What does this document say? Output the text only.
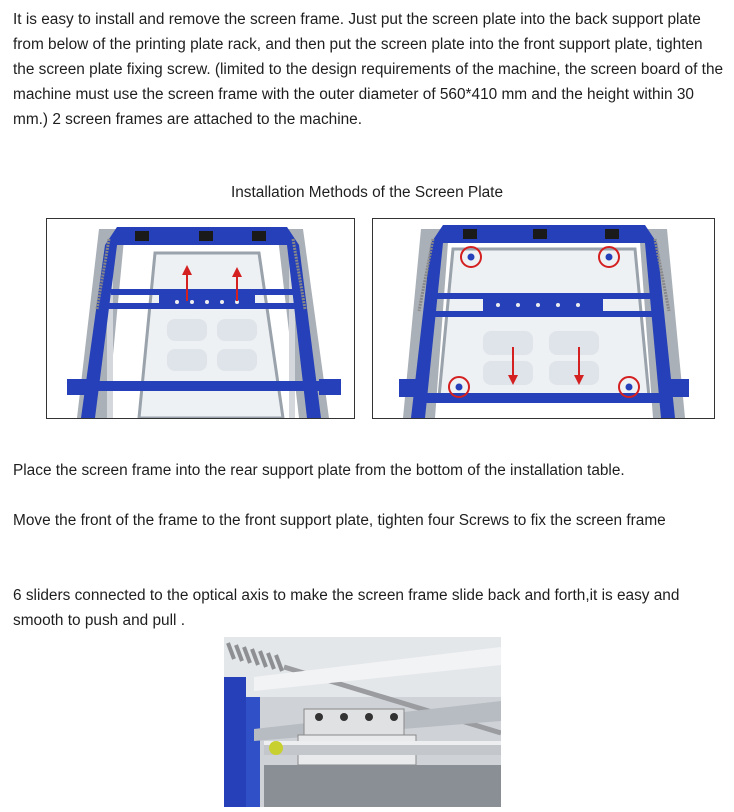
It is easy to install and remove the screen frame. Just put the screen plate into the back support plate from below of the printing plate rack, and then put the screen plate into the front support plate, tighten the screen plate fixing screw. (limited to the design requirements of the machine, the screen board of the machine must use the screen frame with the outer diameter of 560*410 mm and the height within 30 mm.) 2 screen frames are attached to the machine.

Installation Methods of the Screen Plate

Place the screen frame into the rear support plate from the bottom of the installation table.

Move the front of the frame to the front support plate, tighten four Screws to fix the screen frame

6 sliders connected to the optical axis to make the screen frame slide back and forth,it is easy and smooth to push and pull .
